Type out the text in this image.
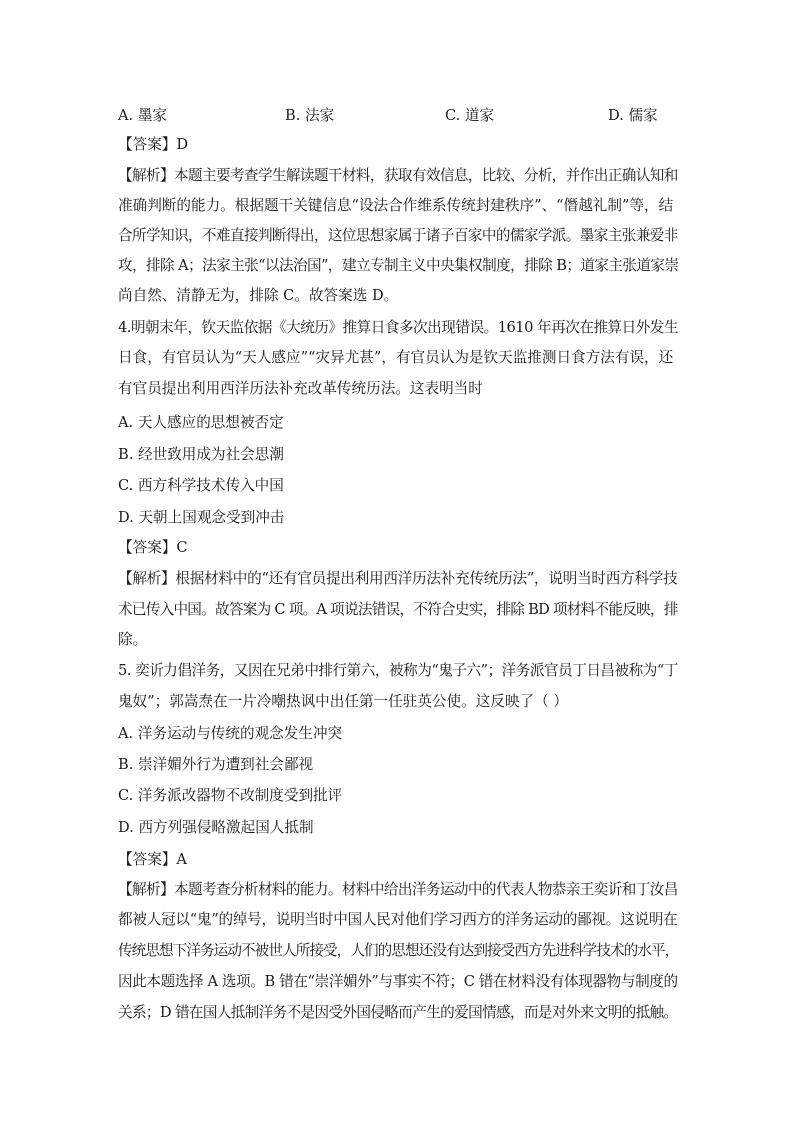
A. 墨家	B. 法家	C. 道家	D. 儒家
【答案】D
【解析】本题主要考查学生解读题干材料，获取有效信息，比较、分析，并作出正确认知和
准确判断的能力。根据题干关键信息“设法合作维系传统封建秩序”、“僭越礼制”等，结
合所学知识，不难直接判断得出，这位思想家属于诸子百家中的儒家学派。墨家主张兼爱非
攻，排除 A；法家主张“以法治国”，建立专制主义中央集权制度，排除 B；道家主张道家崇
尚自然、清静无为，排除 C。故答案选 D。
4.明朝末年，钦天监依据《大统历》推算日食多次出现错误。1610 年再次在推算日外发生
日食，有官员认为“天人感应”“灾异尤甚”，有官员认为是钦天监推测日食方法有误，还
有官员提出利用西洋历法补充改革传统历法。这表明当时
A. 天人感应的思想被否定
B. 经世致用成为社会思潮
C. 西方科学技术传入中国
D. 天朝上国观念受到冲击
【答案】C
【解析】根据材料中的“还有官员提出利用西洋历法补充传统历法”，说明当时西方科学技
术已传入中国。故答案为 C 项。A 项说法错误，不符合史实，排除 BD 项材料不能反映，排
除。
5. 奕䜣力倡洋务，又因在兄弟中排行第六，被称为“鬼子六”；洋务派官员丁日昌被称为“丁
鬼奴”；郭嵩焘在一片冷嘲热讽中出任第一任驻英公使。这反映了（ ）
A. 洋务运动与传统的观念发生冲突
B. 崇洋媚外行为遭到社会鄙视
C. 洋务派改器物不改制度受到批评
D. 西方列强侵略激起国人抵制
【答案】A
【解析】本题考查分析材料的能力。材料中给出洋务运动中的代表人物恭亲王奕䜣和丁汝昌
都被人冠以“鬼”的绰号，说明当时中国人民对他们学习西方的洋务运动的鄙视。这说明在
传统思想下洋务运动不被世人所接受，人们的思想还没有达到接受西方先进科学技术的水平，
因此本题选择 A 选项。B 错在“崇洋媚外”与事实不符；C 错在材料没有体现器物与制度的
关系；D 错在国人抵制洋务不是因受外国侵略而产生的爱国情感，而是对外来文明的抵触。
